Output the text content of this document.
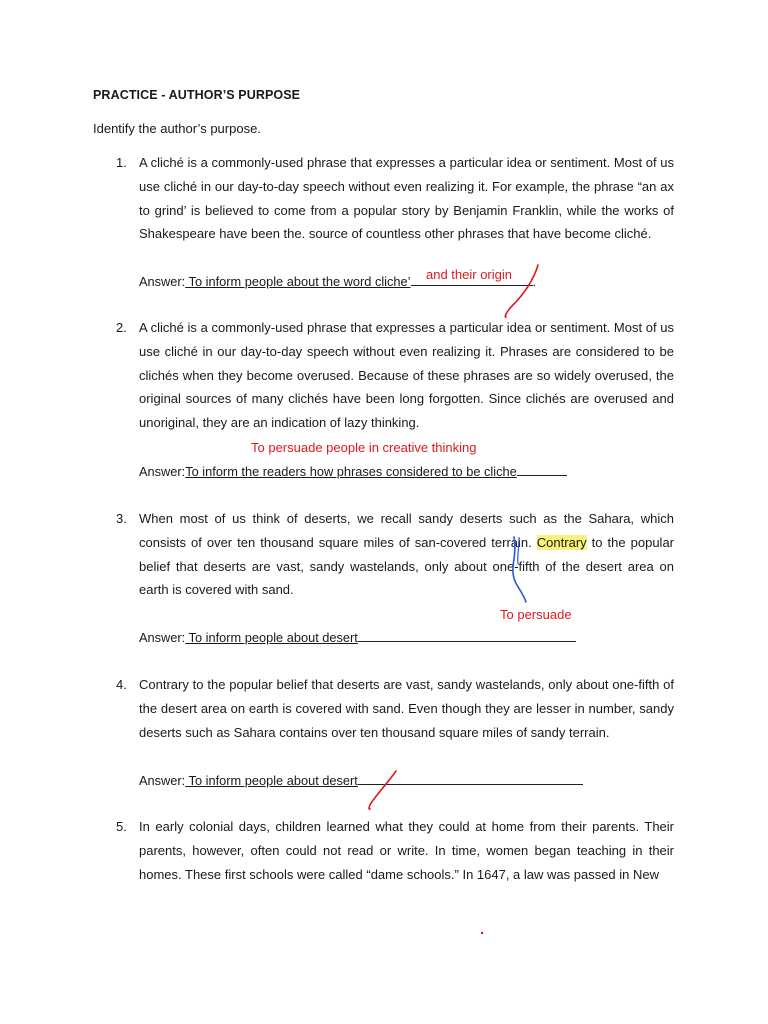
PRACTICE - AUTHOR’S PURPOSE
Identify the author’s purpose.
1. A cliché is a commonly-used phrase that expresses a particular idea or sentiment. Most of us use cliché in our day-to-day speech without even realizing it. For example, the phrase “an ax to grind’ is believed to come from a popular story by Benjamin Franklin, while the works of Shakespeare have been the. source of countless other phrases that have become cliché.

Answer: To inform people about the word cliche’	.
and their origin
2. A cliché is a commonly-used phrase that expresses a particular idea or sentiment. Most of us use cliché in our day-to-day speech without even realizing it. Phrases are considered to be clichés when they become overused. Because of these phrases are so widely overused, the original sources of many clichés have been long forgotten. Since clichés are overused and unoriginal, they are an indication of lazy thinking.

To persuade people in creative thinking
Answer:To inform the readers how phrases considered to be cliche
3. When most of us think of deserts, we recall sandy deserts such as the Sahara, which consists of over ten thousand square miles of san-covered terrain. Contrary to the popular belief that deserts are vast, sandy wastelands, only about one-fifth of the desert area on earth is covered with sand.

To persuade
Answer: To inform people about desert
4. Contrary to the popular belief that deserts are vast, sandy wastelands, only about one-fifth of the desert area on earth is covered with sand. Even though they are lesser in number, sandy deserts such as Sahara contains over ten thousand square miles of sandy terrain.

Answer: To inform people about desert
5. In early colonial days, children learned what they could at home from their parents. Their parents, however, often could not read or write. In time, women began teaching in their homes. These first schools were called “dame schools.” In 1647, a law was passed in New
